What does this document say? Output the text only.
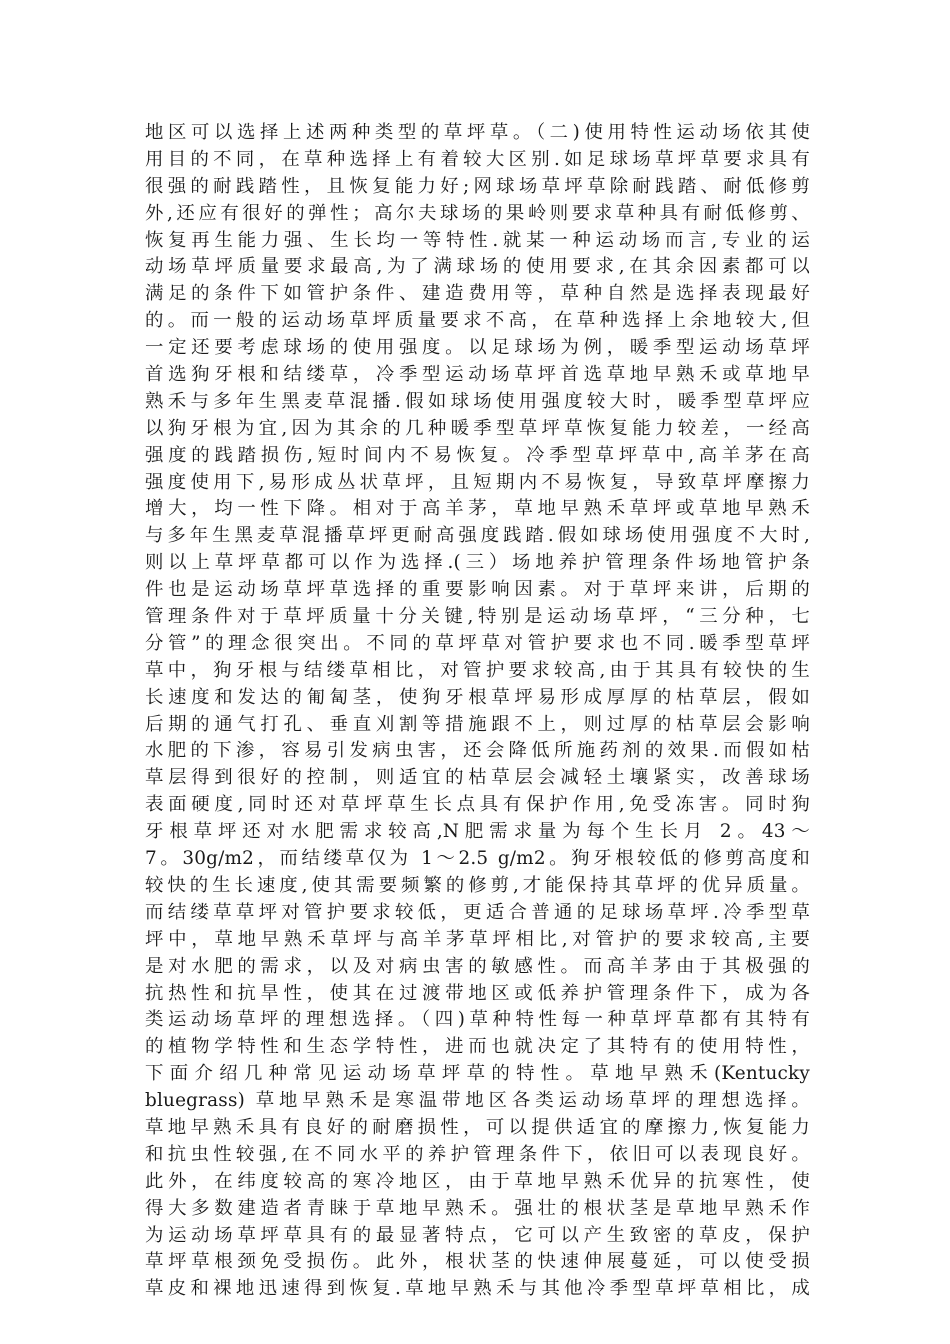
地区可以选择上述两种类型的草坪草。（二)使用特性运动场依其使
用目的不同，在草种选择上有着较大区别.如足球场草坪草要求具有
很强的耐践踏性，且恢复能力好;网球场草坪草除耐践踏、耐低修剪
外,还应有很好的弹性；高尔夫球场的果岭则要求草种具有耐低修剪、
恢复再生能力强、生长均一等特性.就某一种运动场而言,专业的运
动场草坪质量要求最高,为了满球场的使用要求,在其余因素都可以
满足的条件下如管护条件、建造费用等，草种自然是选择表现最好
的。而一般的运动场草坪质量要求不高，在草种选择上余地较大,但
一定还要考虑球场的使用强度。以足球场为例，暖季型运动场草坪
首选狗牙根和结缕草，冷季型运动场草坪首选草地早熟禾或草地早
熟禾与多年生黑麦草混播.假如球场使用强度较大时，暖季型草坪应
以狗牙根为宜,因为其余的几种暖季型草坪草恢复能力较差，一经高
强度的践踏损伤,短时间内不易恢复。冷季型草坪草中,高羊茅在高
强度使用下,易形成丛状草坪，且短期内不易恢复，导致草坪摩擦力
增大，均一性下降。相对于高羊茅，草地早熟禾草坪或草地早熟禾
与多年生黑麦草混播草坪更耐高强度践踏.假如球场使用强度不大时,
则以上草坪草都可以作为选择.(三）场地养护管理条件场地管护条
件也是运动场草坪草选择的重要影响因素。对于草坪来讲，后期的
管理条件对于草坪质量十分关键,特别是运动场草坪，“三分种，七
分管”的理念很突出。不同的草坪草对管护要求也不同.暖季型草坪
草中，狗牙根与结缕草相比，对管护要求较高,由于其具有较快的生
长速度和发达的匍匐茎，使狗牙根草坪易形成厚厚的枯草层，假如
后期的通气打孔、垂直刈割等措施跟不上，则过厚的枯草层会影响
水肥的下渗，容易引发病虫害，还会降低所施药剂的效果.而假如枯
草层得到很好的控制，则适宜的枯草层会减轻土壤紧实，改善球场
表面硬度,同时还对草坪草生长点具有保护作用,免受冻害。同时狗
牙根草坪还对水肥需求较高,N肥需求量为每个生长月 2。43～
7。30g/m2，而结缕草仅为 1～2.5 g/m2。狗牙根较低的修剪高度和
较快的生长速度,使其需要频繁的修剪,才能保持其草坪的优异质量。
而结缕草草坪对管护要求较低，更适合普通的足球场草坪.冷季型草
坪中，草地早熟禾草坪与高羊茅草坪相比,对管护的要求较高,主要
是对水肥的需求，以及对病虫害的敏感性。而高羊茅由于其极强的
抗热性和抗旱性，使其在过渡带地区或低养护管理条件下，成为各
类运动场草坪的理想选择。（四)草种特性每一种草坪草都有其特有
的植物学特性和生态学特性，进而也就决定了其特有的使用特性，
下面介绍几种常见运动场草坪草的特性。草地早熟禾(Kentucky
bluegrass) 草地早熟禾是寒温带地区各类运动场草坪的理想选择。
草地早熟禾具有良好的耐磨损性，可以提供适宜的摩擦力,恢复能力
和抗虫性较强,在不同水平的养护管理条件下，依旧可以表现良好。
此外，在纬度较高的寒冷地区，由于草地早熟禾优异的抗寒性，使
得大多数建造者青睐于草地早熟禾。强壮的根状茎是草地早熟禾作
为运动场草坪草具有的最显著特点，它可以产生致密的草皮，保护
草坪草根颈免受损伤。此外，根状茎的快速伸展蔓延，可以使受损
草皮和裸地迅速得到恢复.草地早熟禾与其他冷季型草坪草相比，成
